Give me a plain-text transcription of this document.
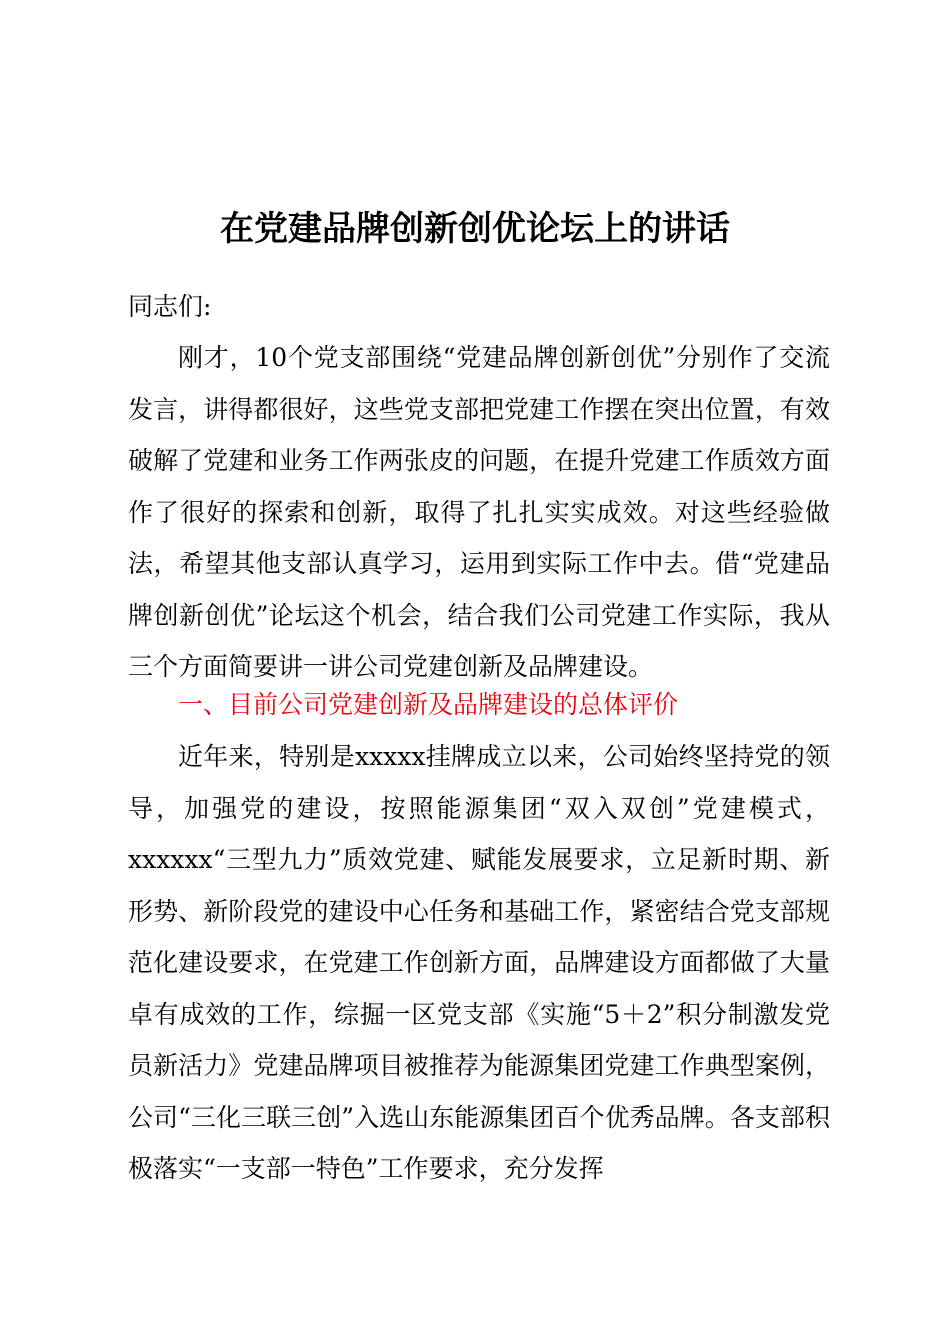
在党建品牌创新创优论坛上的讲话
同志们:

刚才，10个党支部围绕“党建品牌创新创优”分别作了交流发言，讲得都很好，这些党支部把党建工作摆在突出位置，有效破解了党建和业务工作两张皮的问题，在提升党建工作质效方面作了很好的探索和创新，取得了扎扎实实成效。对这些经验做法，希望其他支部认真学习，运用到实际工作中去。借“党建品牌创新创优”论坛这个机会，结合我们公司党建工作实际，我从三个方面简要讲一讲公司党建创新及品牌建设。

一、目前公司党建创新及品牌建设的总体评价

近年来，特别是xxxxx挂牌成立以来，公司始终坚持党的领导，加强党的建设，按照能源集团“双入双创”党建模式，xxxxxx“三型九力”质效党建、赋能发展要求，立足新时期、新形势、新阶段党的建设中心任务和基础工作，紧密结合党支部规范化建设要求，在党建工作创新方面，品牌建设方面都做了大量卓有成效的工作，综掘一区党支部《实施“5＋2”积分制激发党员新活力》党建品牌项目被推荐为能源集团党建工作典型案例，公司“三化三联三创”入选山东能源集团百个优秀品牌。各支部积极落实“一支部一特色”工作要求，充分发挥
